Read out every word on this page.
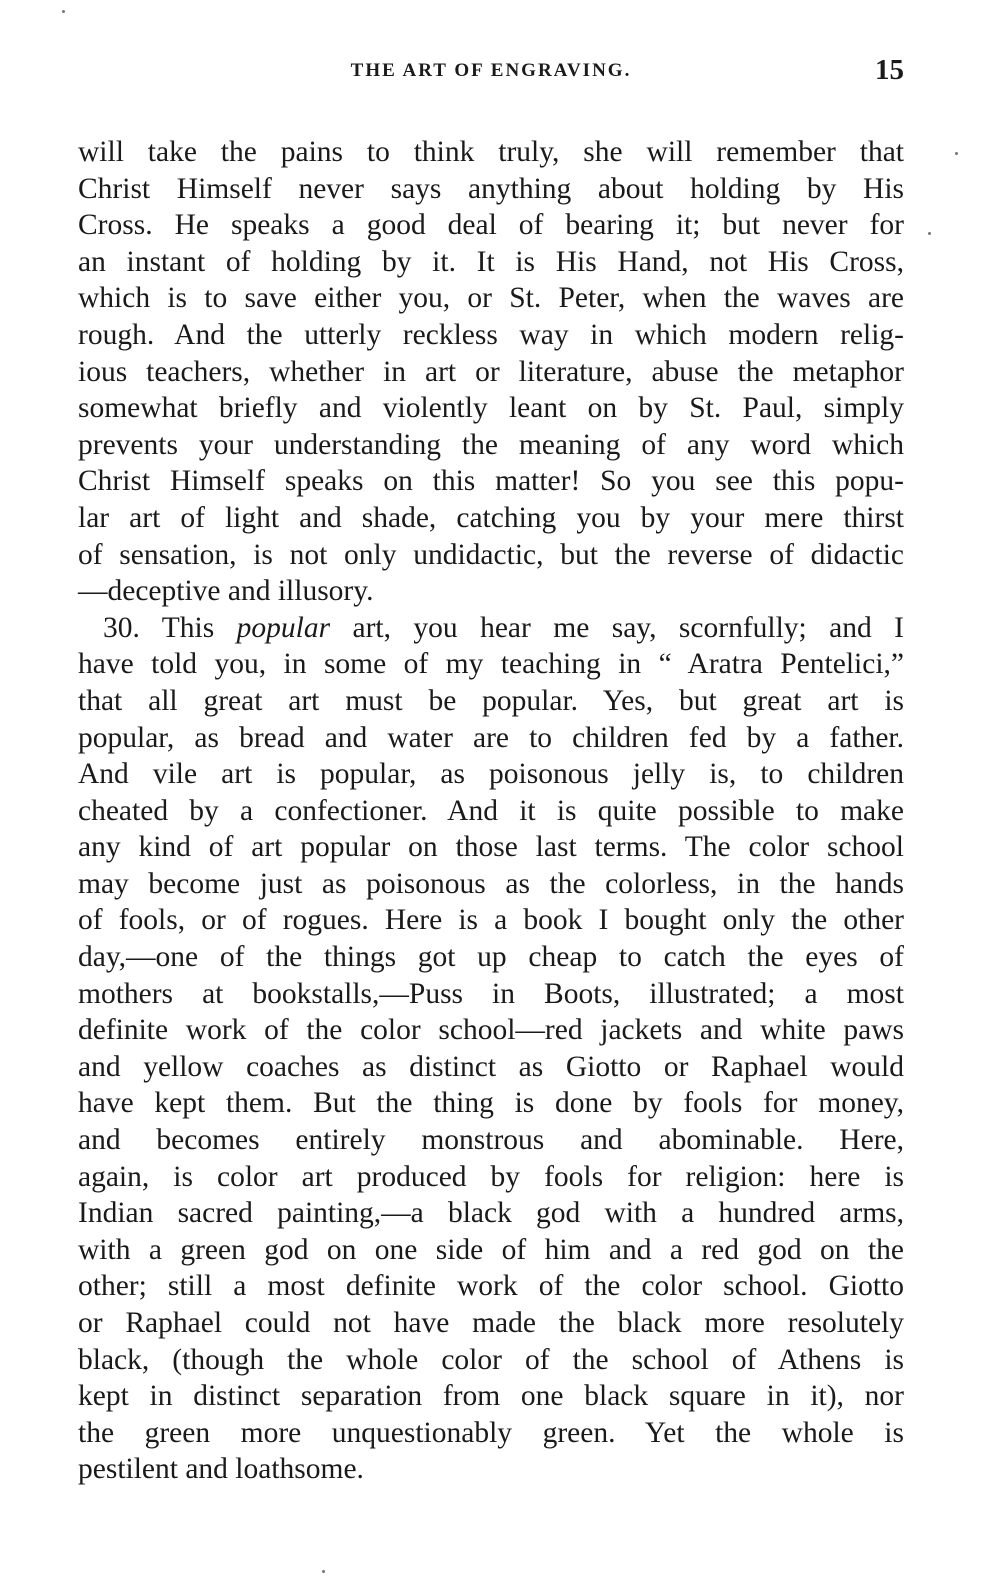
THE ART OF ENGRAVING.	15
will take the pains to think truly, she will remember that
Christ Himself never says anything about holding by His
Cross. He speaks a good deal of bearing it; but never for
an instant of holding by it. It is His Hand, not His Cross,
which is to save either you, or St. Peter, when the waves are
rough. And the utterly reckless way in which modern relig-
ious teachers, whether in art or literature, abuse the metaphor
somewhat briefly and violently leant on by St. Paul, simply
prevents your understanding the meaning of any word which
Christ Himself speaks on this matter! So you see this popu-
lar art of light and shade, catching you by your mere thirst
of sensation, is not only undidactic, but the reverse of didactic
—deceptive and illusory.
30. This popular art, you hear me say, scornfully; and I
have told you, in some of my teaching in “ Aratra Pentelici,”
that all great art must be popular. Yes, but great art is
popular, as bread and water are to children fed by a father.
And vile art is popular, as poisonous jelly is, to children
cheated by a confectioner. And it is quite possible to make
any kind of art popular on those last terms. The color school
may become just as poisonous as the colorless, in the hands
of fools, or of rogues. Here is a book I bought only the other
day,—one of the things got up cheap to catch the eyes of
mothers at bookstalls,—Puss in Boots, illustrated; a most
definite work of the color school—red jackets and white paws
and yellow coaches as distinct as Giotto or Raphael would
have kept them. But the thing is done by fools for money,
and becomes entirely monstrous and abominable. Here,
again, is color art produced by fools for religion: here is
Indian sacred painting,—a black god with a hundred arms,
with a green god on one side of him and a red god on the
other; still a most definite work of the color school. Giotto
or Raphael could not have made the black more resolutely
black, (though the whole color of the school of Athens is
kept in distinct separation from one black square in it), nor
the green more unquestionably green. Yet the whole is
pestilent and loathsome.
